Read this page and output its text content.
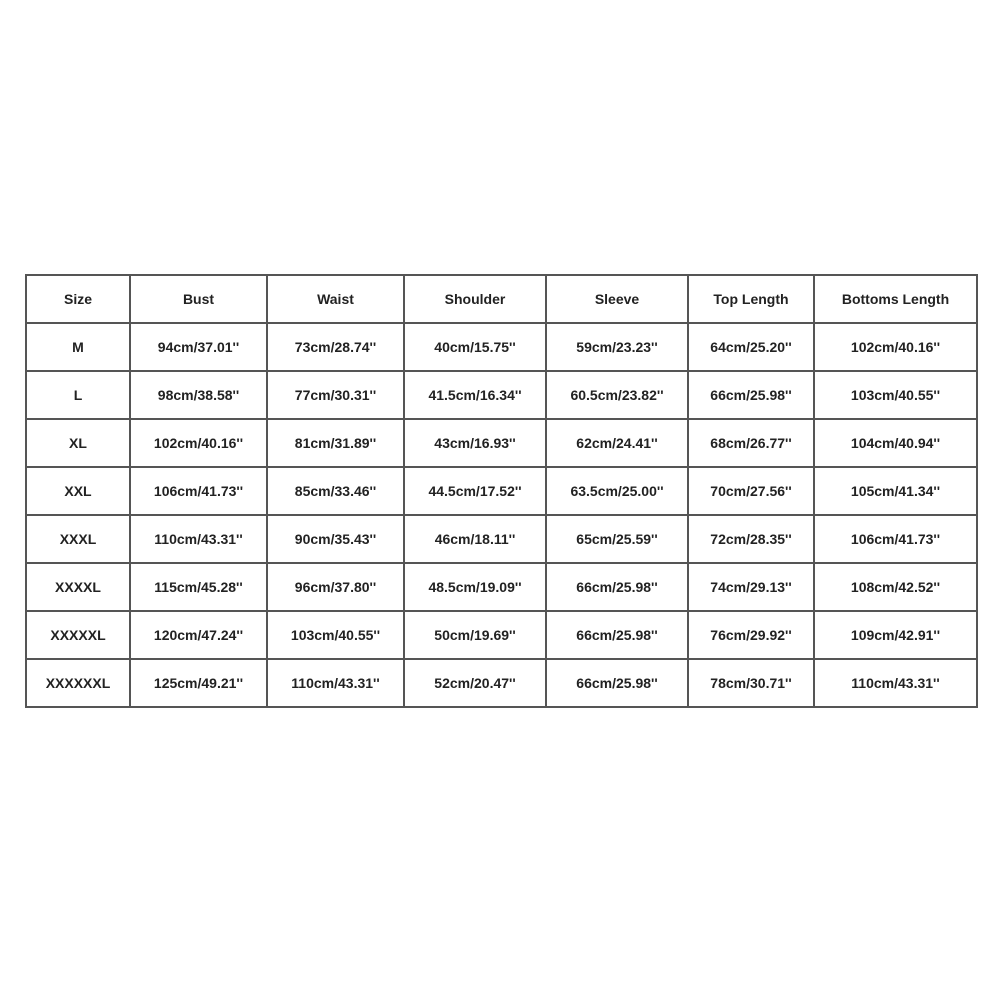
Size	Bust	Waist	Shoulder	Sleeve	Top Length	Bottoms Length
M	94cm/37.01''	73cm/28.74''	40cm/15.75''	59cm/23.23''	64cm/25.20''	102cm/40.16''
L	98cm/38.58''	77cm/30.31''	41.5cm/16.34''	60.5cm/23.82''	66cm/25.98''	103cm/40.55''
XL	102cm/40.16''	81cm/31.89''	43cm/16.93''	62cm/24.41''	68cm/26.77''	104cm/40.94''
XXL	106cm/41.73''	85cm/33.46''	44.5cm/17.52''	63.5cm/25.00''	70cm/27.56''	105cm/41.34''
XXXL	110cm/43.31''	90cm/35.43''	46cm/18.11''	65cm/25.59''	72cm/28.35''	106cm/41.73''
XXXXL	115cm/45.28''	96cm/37.80''	48.5cm/19.09''	66cm/25.98''	74cm/29.13''	108cm/42.52''
XXXXXL	120cm/47.24''	103cm/40.55''	50cm/19.69''	66cm/25.98''	76cm/29.92''	109cm/42.91''
XXXXXXL	125cm/49.21''	110cm/43.31''	52cm/20.47''	66cm/25.98''	78cm/30.71''	110cm/43.31''
